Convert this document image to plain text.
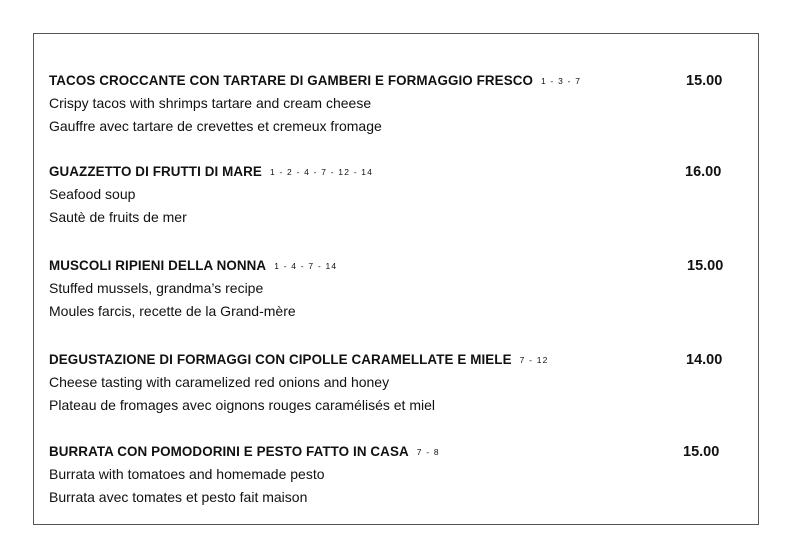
TACOS CROCCANTE CON TARTARE DI GAMBERI E FORMAGGIO FRESCO 1 - 3 - 7	15.00
Crispy tacos with shrimps tartare and cream cheese
Gauffre avec tartare de crevettes et cremeux fromage
GUAZZETTO DI FRUTTI DI MARE 1 - 2 - 4 - 7 - 12 - 14	16.00
Seafood soup
Sautè de fruits de mer
MUSCOLI RIPIENI DELLA NONNA 1 - 4 - 7 - 14	15.00
Stuffed mussels, grandma’s recipe
Moules farcis, recette de la Grand-mère
DEGUSTAZIONE DI FORMAGGI CON CIPOLLE CARAMELLATE E MIELE 7 - 12	14.00
Cheese tasting with caramelized red onions and honey
Plateau de fromages avec oignons rouges caramélisés et miel
BURRATA CON POMODORINI E PESTO FATTO IN CASA 7 - 8	15.00
Burrata with tomatoes and homemade pesto
Burrata avec tomates et pesto fait maison
